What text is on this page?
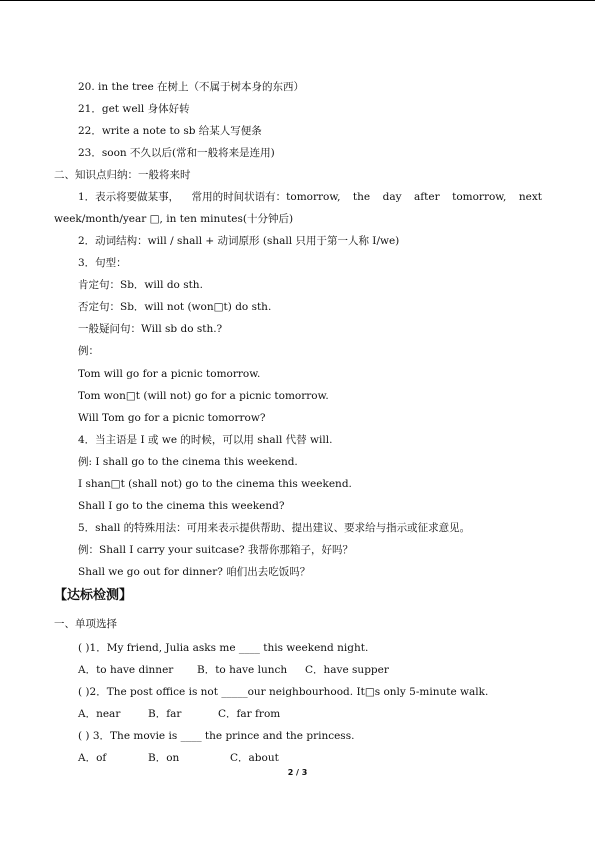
20. in the tree 在树上（不属于树本身的东西）
21．get well 身体好转
22．write a note to sb 给某人写便条
23．soon 不久以后(常和一般将来是连用)
二、知识点归纳：一般将来时
1．表示将要做某事， 常用的时间状语有：tomorrow, the day after tomorrow, next
week/month/year □, in ten minutes(十分钟后)
2．动词结构：will / shall + 动词原形 (shall 只用于第一人称 I/we)
3．句型：
肯定句：Sb．will do sth.
否定句：Sb．will not (won□t) do sth.
一般疑问句：Will sb do sth.?
例：
Tom will go for a picnic tomorrow.
Tom won□t (will not) go for a picnic tomorrow.
Will Tom go for a picnic tomorrow?
4．当主语是 I 或 we 的时候，可以用 shall 代替 will.
例: I shall go to the cinema this weekend.
I shan□t (shall not) go to the cinema this weekend.
Shall I go to the cinema this weekend?
5．shall 的特殊用法：可用来表示提供帮助、提出建议、要求给与指示或征求意见。
例：Shall I carry your suitcase? 我帮你那箱子，好吗？
Shall we go out for dinner? 咱们出去吃饭吗？
【达标检测】
一、单项选择
( )1．My friend, Julia asks me ____ this weekend night.
A．to have dinner B．to have lunch C．have supper
( )2．The post office is not _____our neighbourhood. It□s only 5-minute walk.
A．near	B．far	C．far from
( ) 3．The movie is ____ the prince and the princess.
A．of	B．on	C．about
2 / 3
